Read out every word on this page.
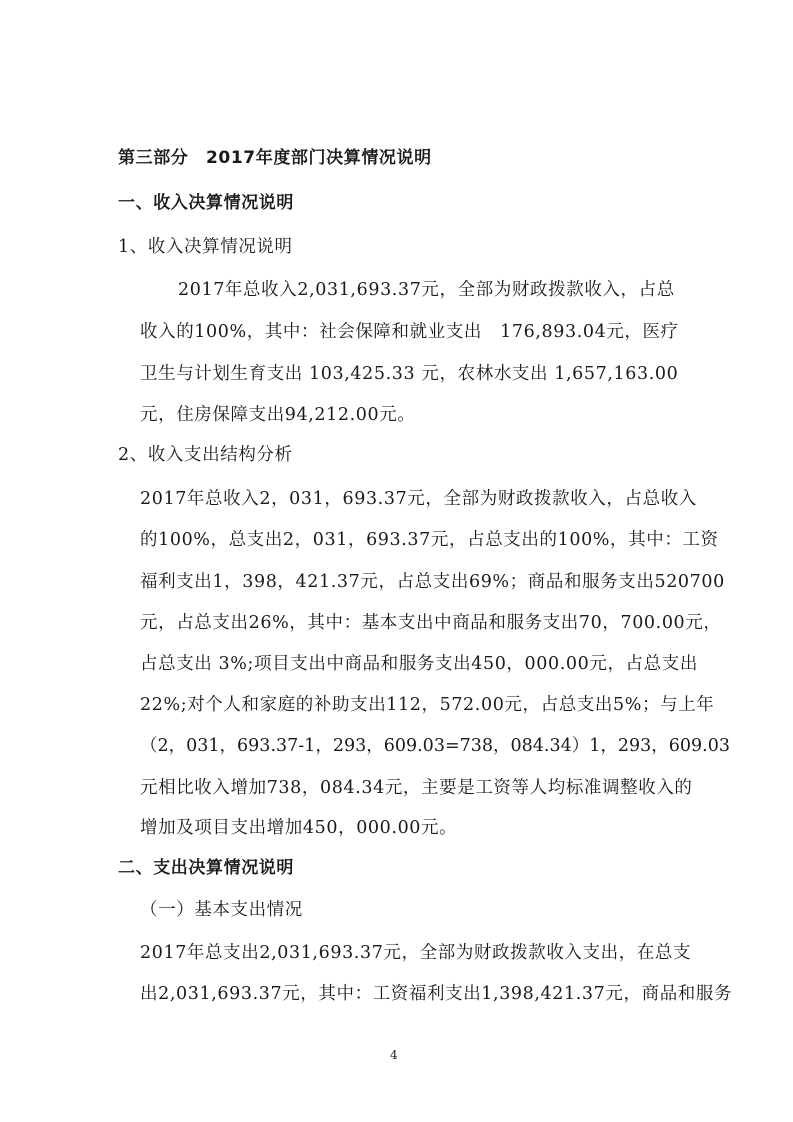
第三部分　2017年度部门决算情况说明
一、收入决算情况说明
1、收入决算情况说明
2017年总收入2,031,693.37元，全部为财政拨款收入，占总
收入的100%，其中：社会保障和就业支出　176,893.04元，医疗
卫生与计划生育支出 103,425.33 元，农林水支出 1,657,163.00
元，住房保障支出94,212.00元。
2、收入支出结构分析
2017年总收入2，031，693.37元，全部为财政拨款收入，占总收入
的100%，总支出2，031，693.37元，占总支出的100%，其中：工资
福利支出1，398，421.37元，占总支出69%；商品和服务支出520700
元，占总支出26%，其中：基本支出中商品和服务支出70，700.00元，
占总支出 3%;项目支出中商品和服务支出450，000.00元，占总支出
22%;对个人和家庭的补助支出112，572.00元，占总支出5%；与上年
（2，031，693.37-1，293，609.03=738，084.34）1，293，609.03
元相比收入增加738，084.34元，主要是工资等人均标准调整收入的
增加及项目支出增加450，000.00元。
二、支出决算情况说明
（一）基本支出情况
2017年总支出2,031,693.37元，全部为财政拨款收入支出，在总支
出2,031,693.37元，其中：工资福利支出1,398,421.37元，商品和服务
4
